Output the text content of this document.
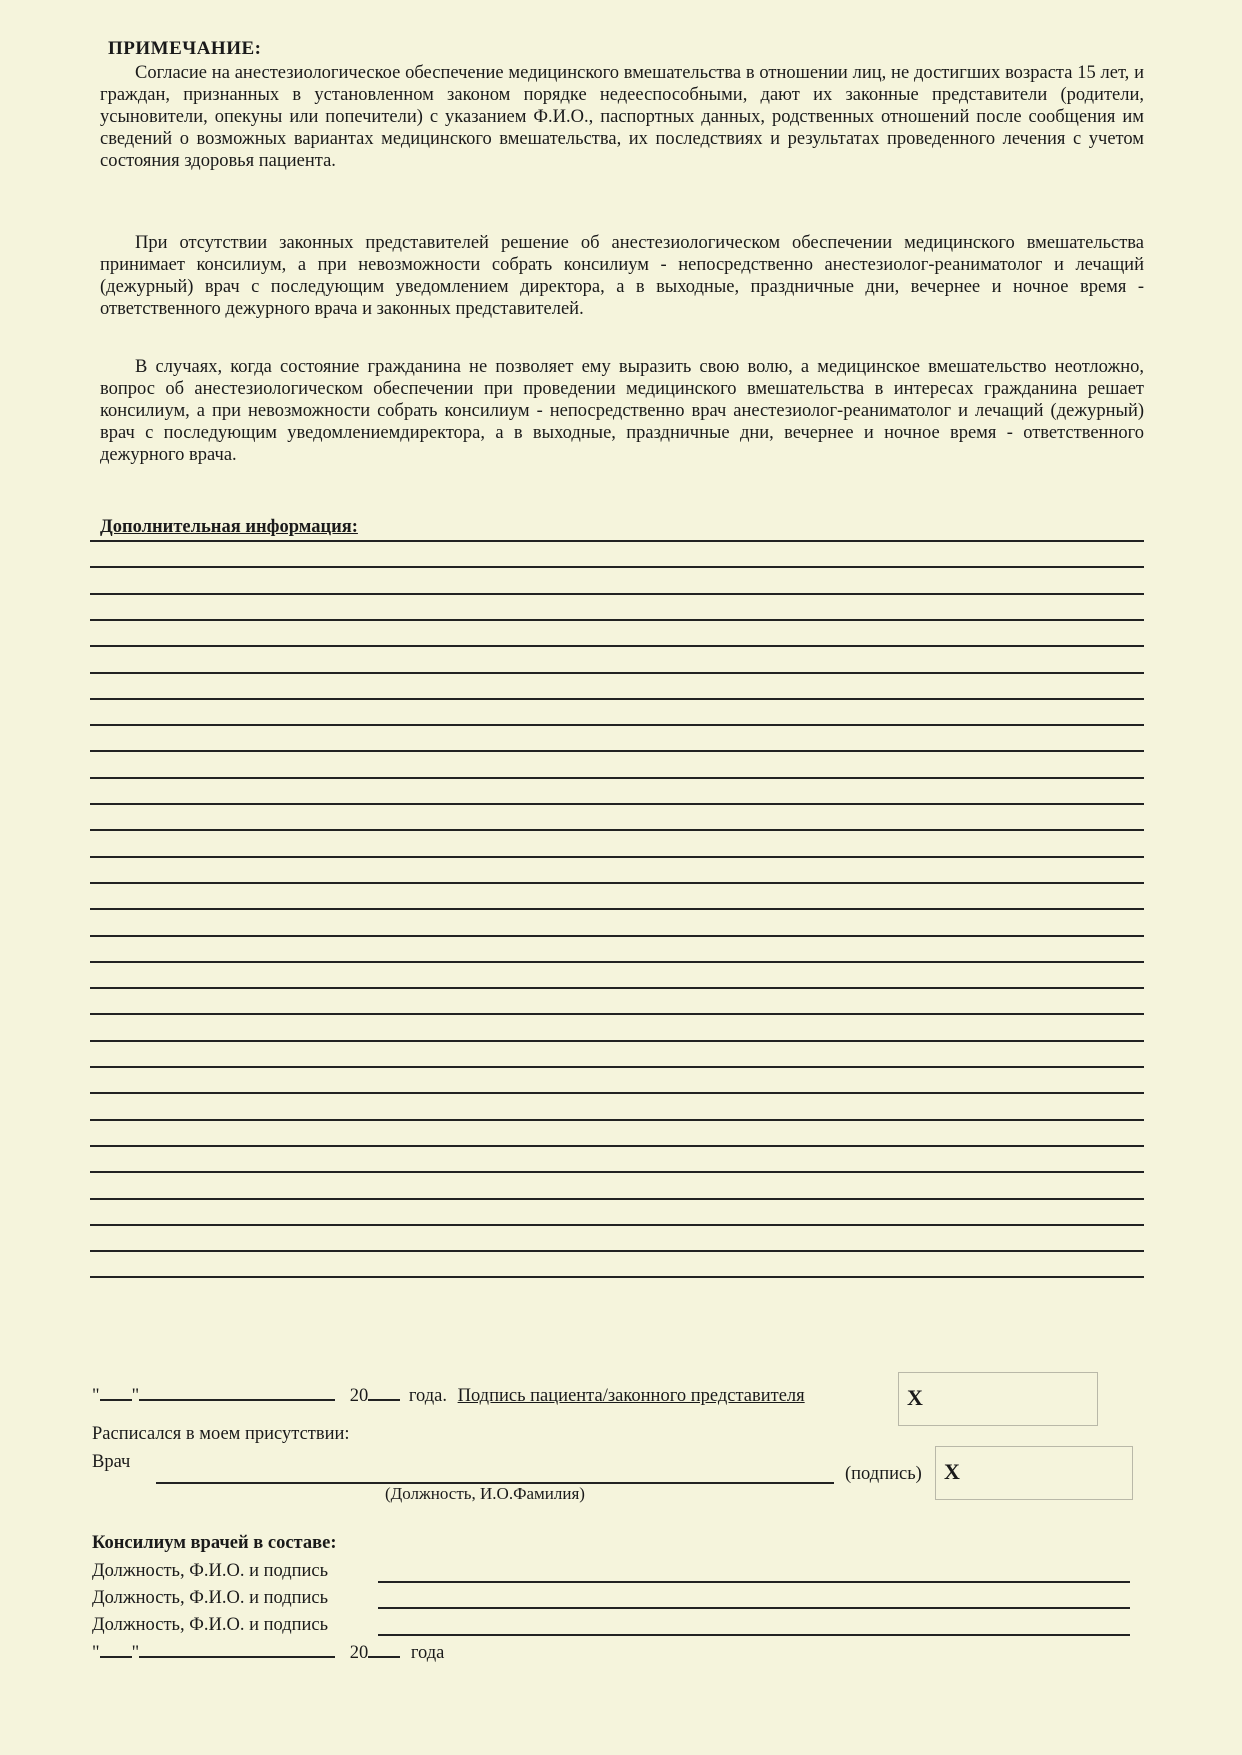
ПРИМЕЧАНИЕ:

Согласие на анестезиологическое обеспечение медицинского вмешательства в отношении лиц, не достигших возраста 15 лет, и граждан, признанных в установленном законом порядке недееспособными, дают их законные представители (родители, усыновители, опекуны или попечители) с указанием Ф.И.О., паспортных данных, родственных отношений после сообщения им сведений о возможных вариантах медицинского вмешательства, их последствиях и результатах проведенного лечения с учетом состояния здоровья пациента.

При отсутствии законных представителей решение об анестезиологическом обеспечении медицинского вмешательства принимает консилиум, а при невозможности собрать консилиум - непосредственно анестезиолог-реаниматолог и лечащий (дежурный) врач с последующим уведомлением директора, а в выходные, праздничные дни, вечернее и ночное время - ответственного дежурного врача и законных представителей.

В случаях, когда состояние гражданина не позволяет ему выразить свою волю, а медицинское вмешательство неотложно, вопрос об анестезиологическом обеспечении при проведении медицинского вмешательства в интересах гражданина решает консилиум, а при невозможности собрать консилиум - непосредственно врач анестезиолог-реаниматолог и лечащий (дежурный) врач с последующим уведомлениемдиректора, а в выходные, праздничные дни, вечернее и ночное время - ответственного дежурного врача.

Дополнительная информация:
" "	20 года. Подпись пациента/законного представителя	X
Расписался в моем присутствии:
Врач
(подпись)
(Должность, И.О.Фамилия)
X
Консилиум врачей в составе:
Должность, Ф.И.О. и подпись
Должность, Ф.И.О. и подпись
Должность, Ф.И.О. и подпись
" "	20 года
